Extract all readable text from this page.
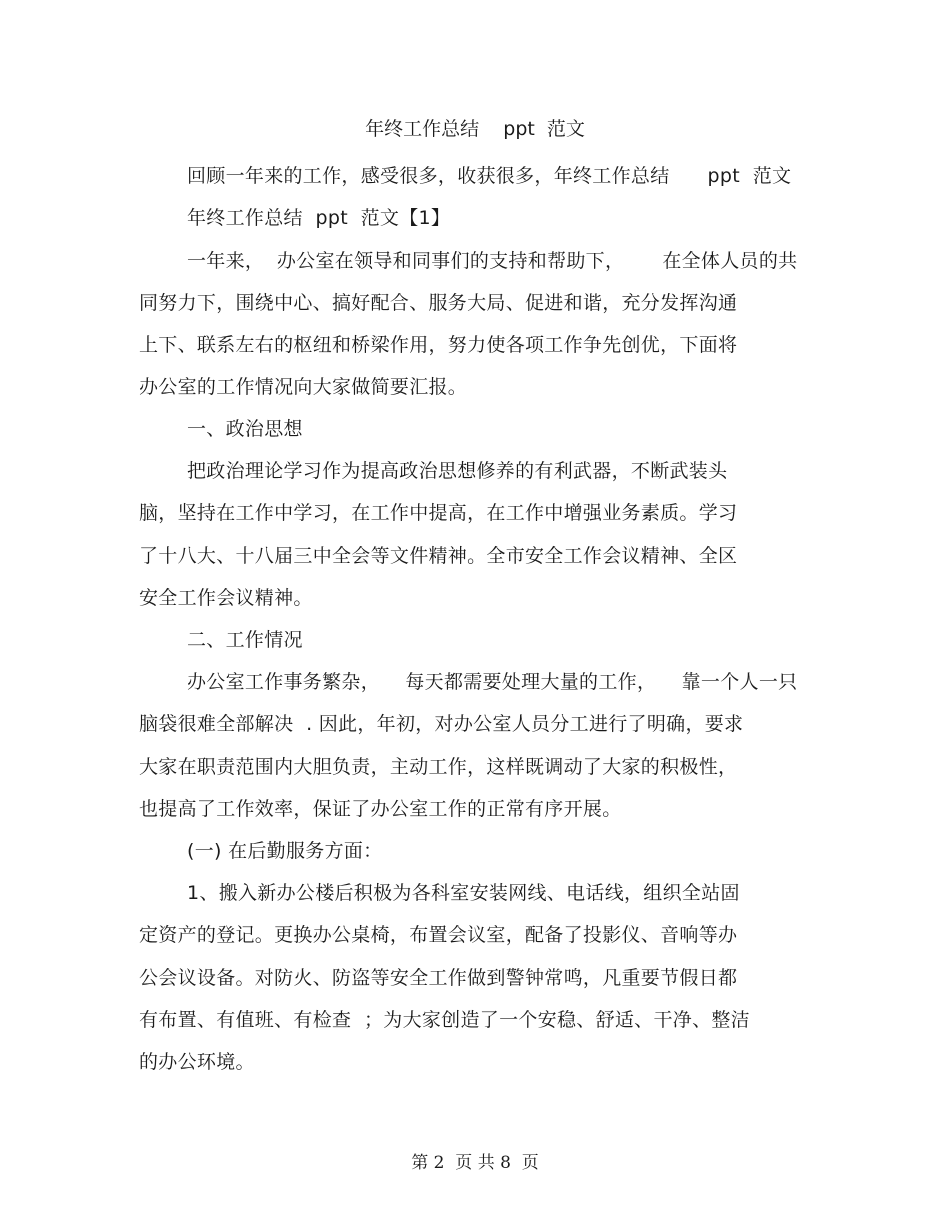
年终工作总结    ppt  范文
回顾一年来的工作，感受很多，收获很多，年终工作总结      ppt  范文
年终工作总结  ppt  范文【1】
一年来，  办公室在领导和同事们的支持和帮助下，      在全体人员的共
同努力下，围绕中心、搞好配合、服务大局、促进和谐，充分发挥沟通
上下、联系左右的枢纽和桥梁作用，努力使各项工作争先创优，下面将
办公室的工作情况向大家做简要汇报。
一、政治思想
把政治理论学习作为提高政治思想修养的有利武器，不断武装头
脑，坚持在工作中学习，在工作中提高，在工作中增强业务素质。学习
了十八大、十八届三中全会等文件精神。全市安全工作会议精神、全区
安全工作会议精神。
二、工作情况
办公室工作事务繁杂，    每天都需要处理大量的工作，    靠一个人一只
脑袋很难全部解决  . 因此，年初，对办公室人员分工进行了明确，要求
大家在职责范围内大胆负责，主动工作，这样既调动了大家的积极性，
也提高了工作效率，保证了办公室工作的正常有序开展。
(一) 在后勤服务方面：
1、搬入新办公楼后积极为各科室安装网线、电话线，组织全站固
定资产的登记。更换办公桌椅，布置会议室，配备了投影仪、音响等办
公会议设备。对防火、防盗等安全工作做到警钟常鸣，凡重要节假日都
有布置、有值班、有检查  ；为大家创造了一个安稳、舒适、干净、整洁
的办公环境。
第 2  页 共 8  页
